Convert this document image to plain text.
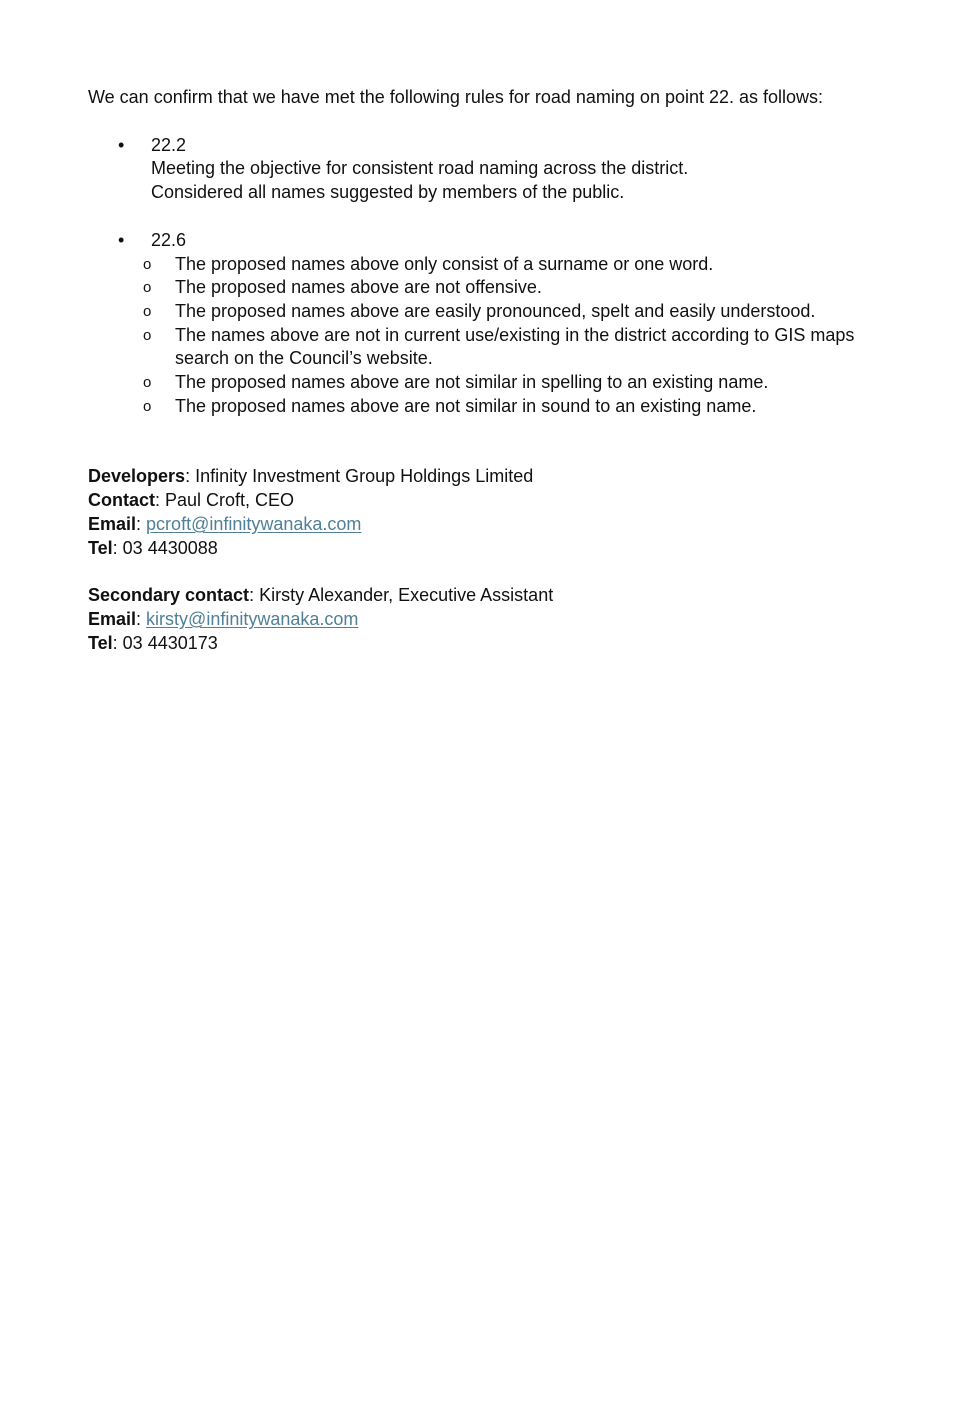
We can confirm that we have met the following rules for road naming on point 22. as follows:

• 22.2

Meeting the objective for consistent road naming across the district.

Considered all names suggested by members of the public.

• 22.6

o The proposed names above only consist of a surname or one word.
o The proposed names above are not offensive.
o The proposed names above are easily pronounced, spelt and easily understood.
o The names above are not in current use/existing in the district according to GIS maps search on the Council’s website.
o The proposed names above are not similar in spelling to an existing name.
o The proposed names above are not similar in sound to an existing name.

Developers: Infinity Investment Group Holdings Limited

Contact: Paul Croft, CEO

Email: pcroft@infinitywanaka.com

Tel: 03 4430088

Secondary contact: Kirsty Alexander, Executive Assistant

Email: kirsty@infinitywanaka.com

Tel: 03 4430173
